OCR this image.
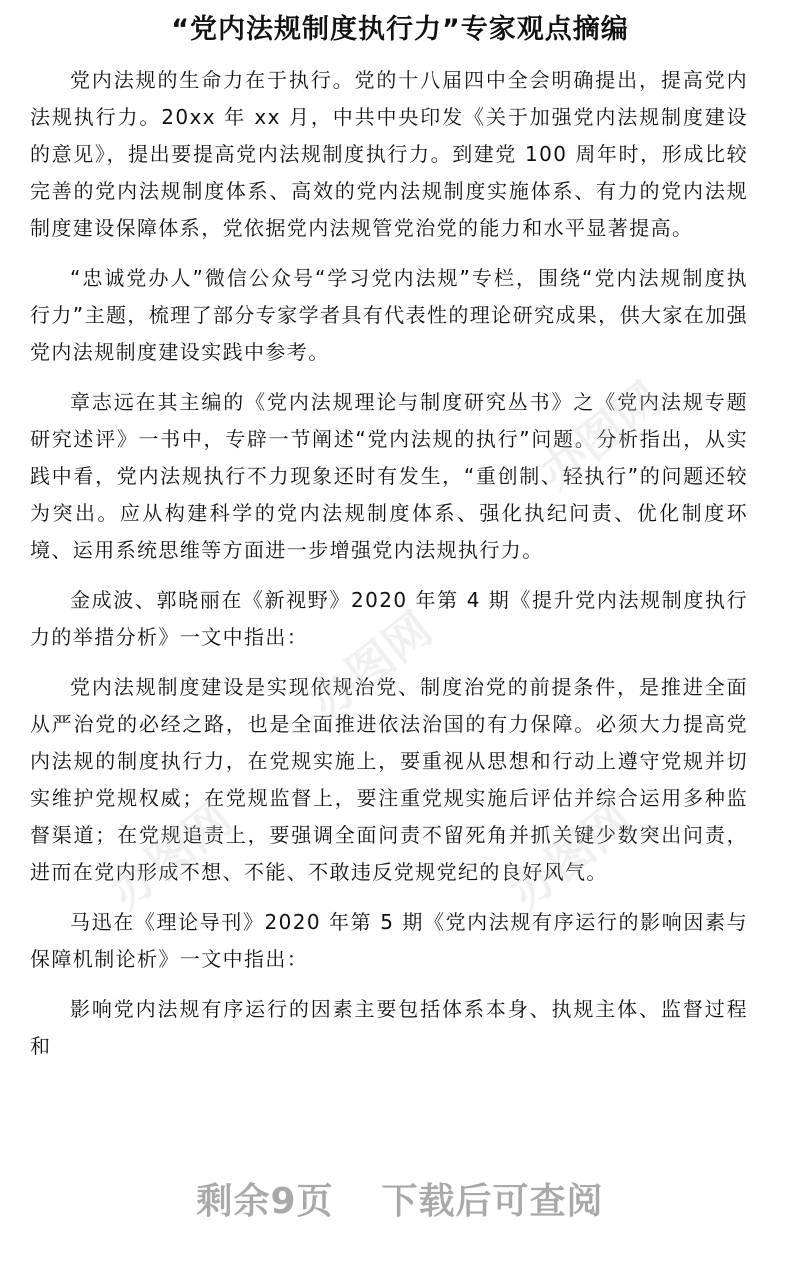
“党内法规制度执行力”专家观点摘编

党内法规的生命力在于执行。党的十八届四中全会明确提出，提高党内法规执行力。20xx 年 xx 月，中共中央印发《关于加强党内法规制度建设的意见》，提出要提高党内法规制度执行力。到建党 100 周年时，形成比较完善的党内法规制度体系、高效的党内法规制度实施体系、有力的党内法规制度建设保障体系，党依据党内法规管党治党的能力和水平显著提高。

“忠诚党办人”微信公众号“学习党内法规”专栏，围绕“党内法规制度执行力”主题，梳理了部分专家学者具有代表性的理论研究成果，供大家在加强党内法规制度建设实践中参考。

章志远在其主编的《党内法规理论与制度研究丛书》之《党内法规专题研究述评》一书中，专辟一节阐述“党内法规的执行”问题。分析指出，从实践中看，党内法规执行不力现象还时有发生，“重创制、轻执行”的问题还较为突出。应从构建科学的党内法规制度体系、强化执纪问责、优化制度环境、运用系统思维等方面进一步增强党内法规执行力。

金成波、郭晓丽在《新视野》2020 年第 4 期《提升党内法规制度执行力的举措分析》一文中指出：

党内法规制度建设是实现依规治党、制度治党的前提条件，是推进全面从严治党的必经之路，也是全面推进依法治国的有力保障。必须大力提高党内法规的制度执行力，在党规实施上，要重视从思想和行动上遵守党规并切实维护党规权威；在党规监督上，要注重党规实施后评估并综合运用多种监督渠道；在党规追责上，要强调全面问责不留死角并抓关键少数突出问责，进而在党内形成不想、不能、不敢违反党规党纪的良好风气。

马迅在《理论导刊》2020 年第 5 期《党内法规有序运行的影响因素与保障机制论析》一文中指出：

影响党内法规有序运行的因素主要包括体系本身、执规主体、监督过程和

办图网
办图网
办图网	办图网
剩余9页 下载后可查阅
